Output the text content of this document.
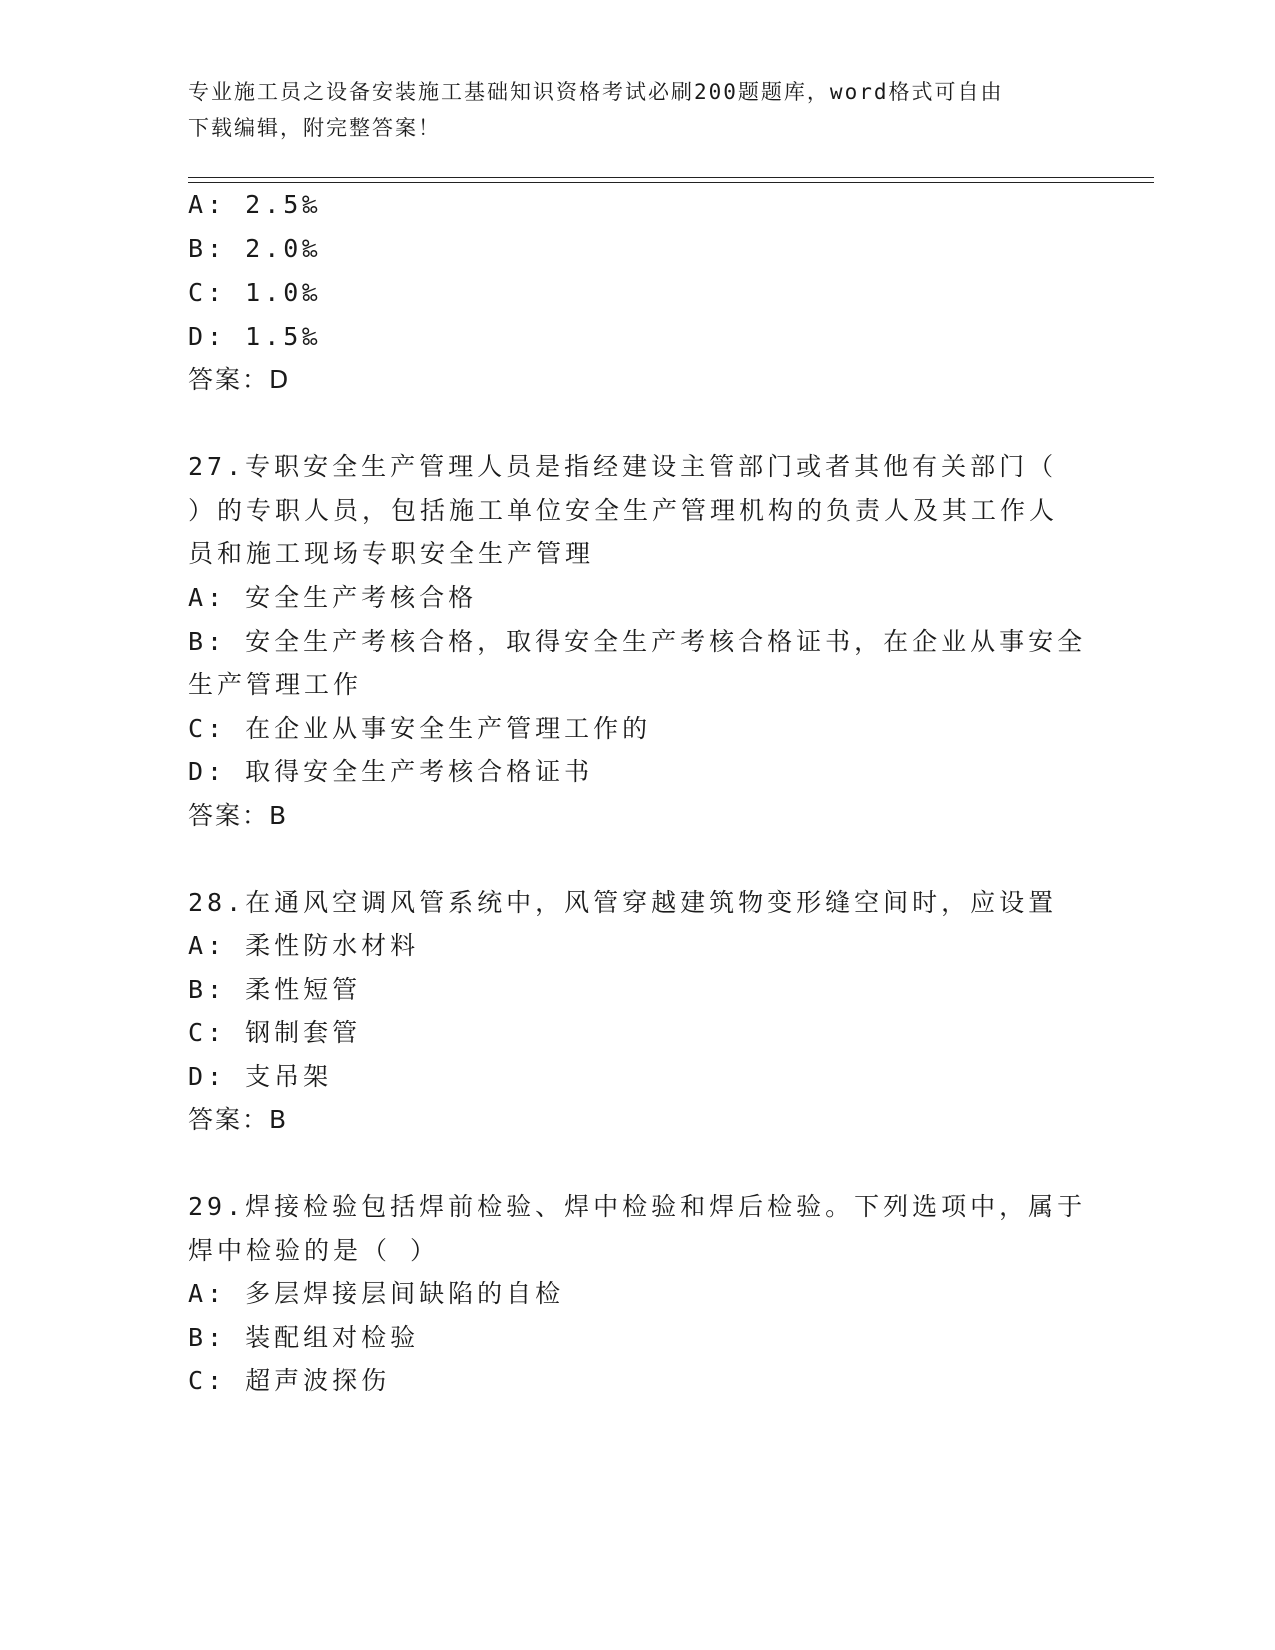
专业施工员之设备安装施工基础知识资格考试必刷200题题库，word格式可自由
下载编辑，附完整答案！
A: 2.5‰
B: 2.0‰
C: 1.0‰
D: 1.5‰
答案：D
27.专职安全生产管理人员是指经建设主管部门或者其他有关部门（
）的专职人员，包括施工单位安全生产管理机构的负责人及其工作人
员和施工现场专职安全生产管理
A: 安全生产考核合格
B: 安全生产考核合格，取得安全生产考核合格证书，在企业从事安全
生产管理工作
C: 在企业从事安全生产管理工作的
D: 取得安全生产考核合格证书
答案：B
28.在通风空调风管系统中，风管穿越建筑物变形缝空间时，应设置
A: 柔性防水材料
B: 柔性短管
C: 钢制套管
D: 支吊架
答案：B
29.焊接检验包括焊前检验、焊中检验和焊后检验。下列选项中，属于
焊中检验的是（ ）
A: 多层焊接层间缺陷的自检
B: 装配组对检验
C: 超声波探伤
